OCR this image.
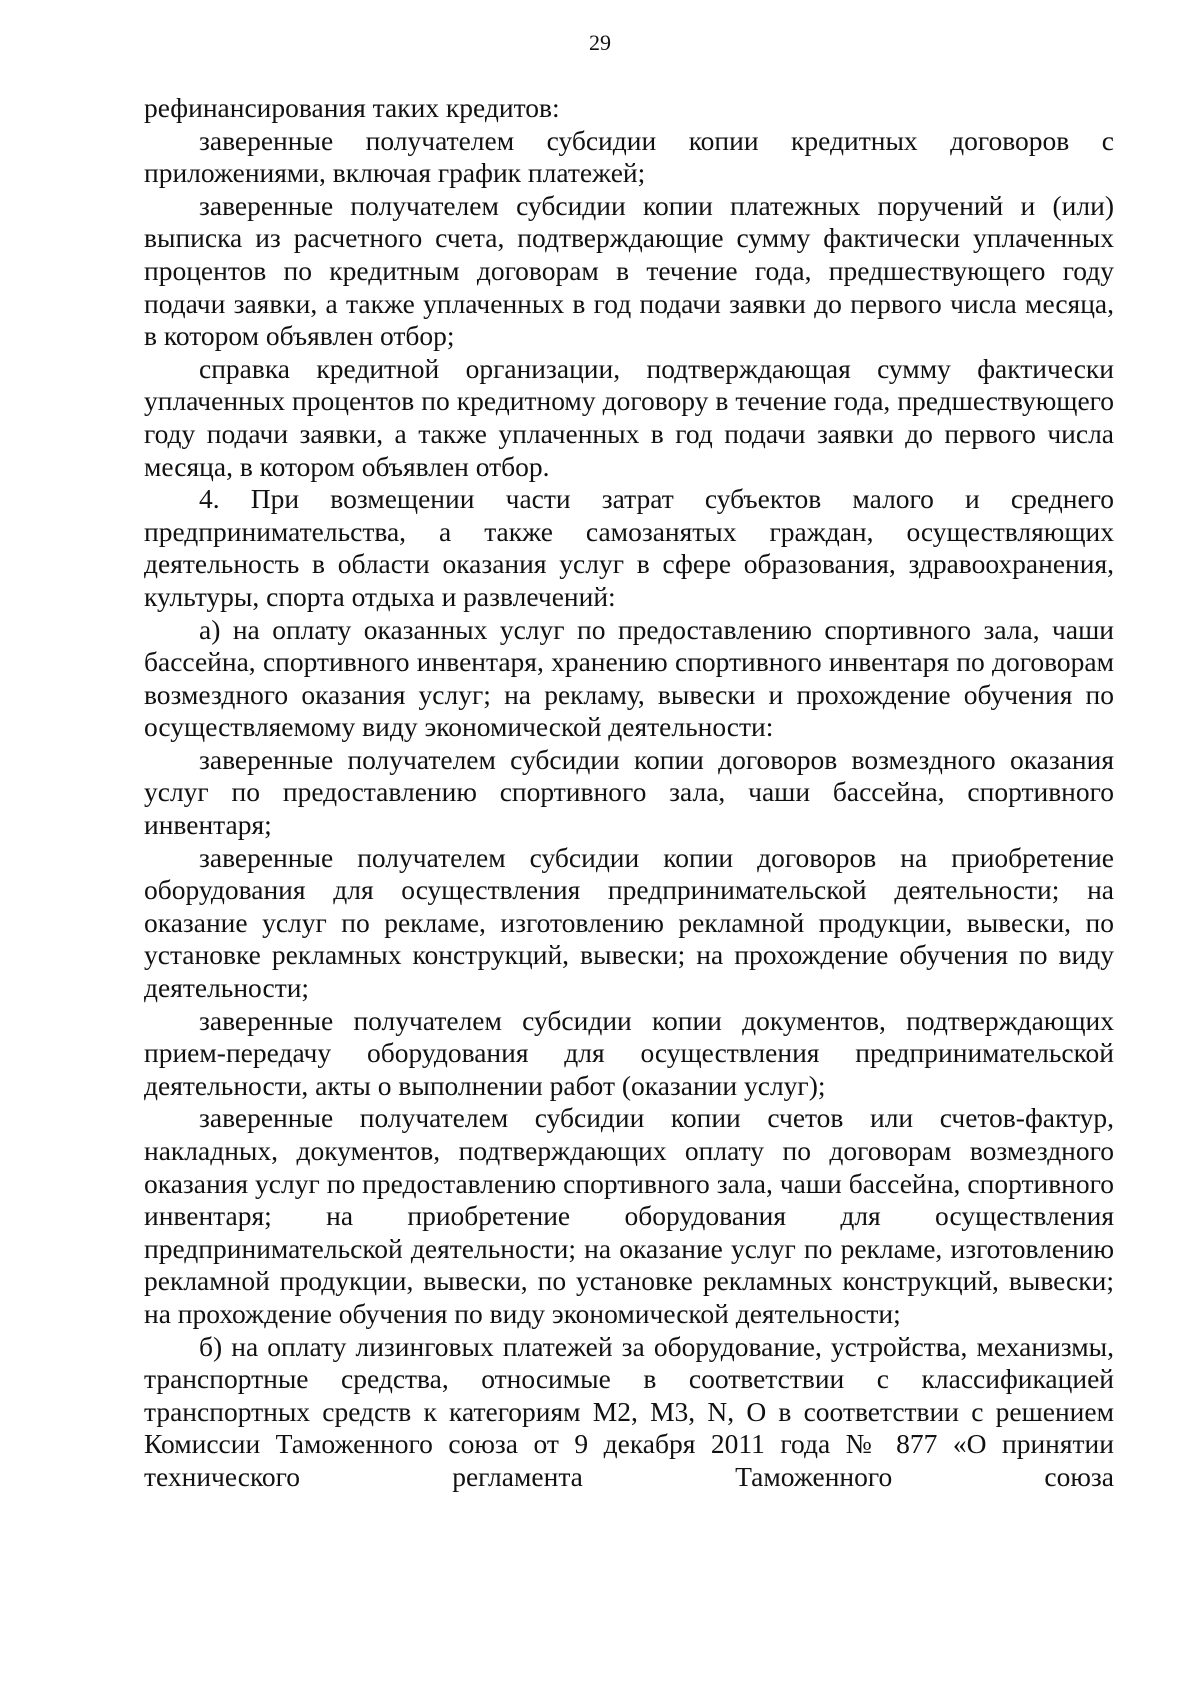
29

рефинансирования таких кредитов:

заверенные получателем субсидии копии кредитных договоров с приложениями, включая график платежей;

заверенные получателем субсидии копии платежных поручений и (или) выписка из расчетного счета, подтверждающие сумму фактически уплаченных процентов по кредитным договорам в течение года, предшествующего году подачи заявки, а также уплаченных в год подачи заявки до первого числа месяца, в котором объявлен отбор;

справка кредитной организации, подтверждающая сумму фактически уплаченных процентов по кредитному договору в течение года, предшествующего году подачи заявки, а также уплаченных в год подачи заявки до первого числа месяца, в котором объявлен отбор.

4. При возмещении части затрат субъектов малого и среднего предпринимательства, а также самозанятых граждан, осуществляющих деятельность в области оказания услуг в сфере образования, здравоохранения, культуры, спорта отдыха и развлечений:

а) на оплату оказанных услуг по предоставлению спортивного зала, чаши бассейна, спортивного инвентаря, хранению спортивного инвентаря по договорам возмездного оказания услуг; на рекламу, вывески и прохождение обучения по осуществляемому виду экономической деятельности:

заверенные получателем субсидии копии договоров возмездного оказания услуг по предоставлению спортивного зала, чаши бассейна, спортивного инвентаря;

заверенные получателем субсидии копии договоров на приобретение оборудования для осуществления предпринимательской деятельности; на оказание услуг по рекламе, изготовлению рекламной продукции, вывески, по установке рекламных конструкций, вывески; на прохождение обучения по виду деятельности;

заверенные получателем субсидии копии документов, подтверждающих прием-передачу оборудования для осуществления предпринимательской деятельности, акты о выполнении работ (оказании услуг);

заверенные получателем субсидии копии счетов или счетов-фактур, накладных, документов, подтверждающих оплату по договорам возмездного оказания услуг по предоставлению спортивного зала, чаши бассейна, спортивного инвентаря; на приобретение оборудования для осуществления предпринимательской деятельности; на оказание услуг по рекламе, изготовлению рекламной продукции, вывески, по установке рекламных конструкций, вывески; на прохождение обучения по виду экономической деятельности;

б) на оплату лизинговых платежей за оборудование, устройства, механизмы, транспортные средства, относимые в соответствии с классификацией транспортных средств к категориям M2, M3, N, O в соответствии с решением Комиссии Таможенного союза от 9 декабря 2011 года № 877 «О принятии технического регламента Таможенного союза
